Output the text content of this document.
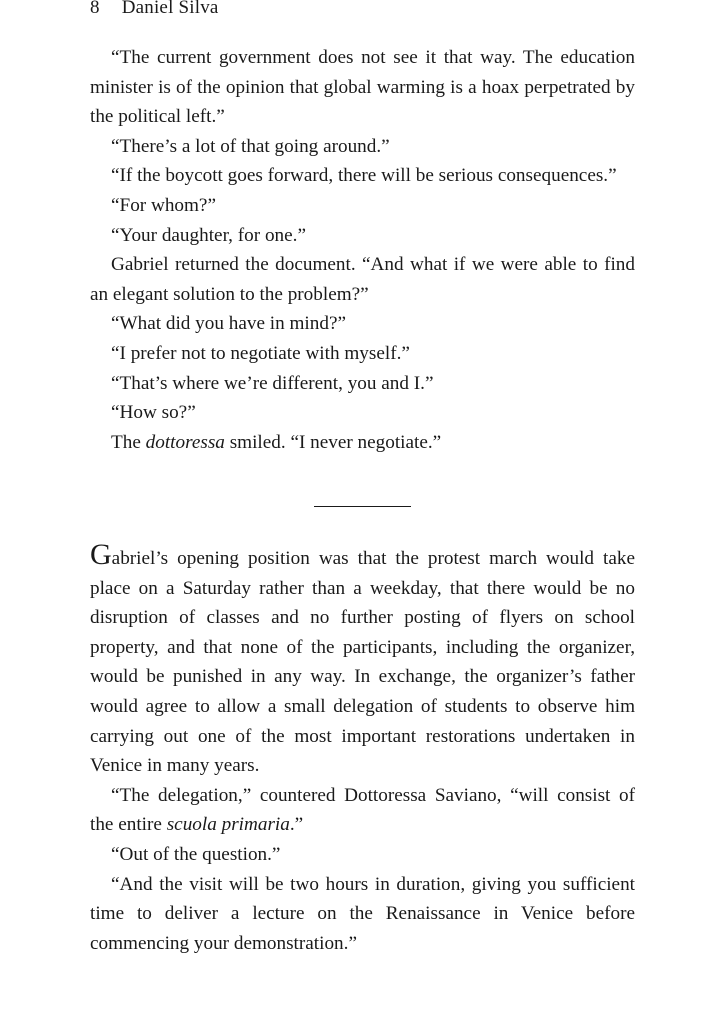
8 Daniel Silva

“The current government does not see it that way. The education minister is of the opinion that global warming is a hoax perpetrated by the political left.”

“There’s a lot of that going around.”

“If the boycott goes forward, there will be serious consequences.”

“For whom?”

“Your daughter, for one.”

Gabriel returned the document. “And what if we were able to find an elegant solution to the problem?”

“What did you have in mind?”

“I prefer not to negotiate with myself.”

“That’s where we’re different, you and I.”

“How so?”

The dottoressa smiled. “I never negotiate.”

Gabriel’s opening position was that the protest march would take place on a Saturday rather than a weekday, that there would be no disruption of classes and no further posting of flyers on school property, and that none of the participants, including the organizer, would be punished in any way. In exchange, the organizer’s father would agree to allow a small delegation of students to observe him carrying out one of the most important restorations undertaken in Venice in many years.

“The delegation,” countered Dottoressa Saviano, “will consist of the entire scuola primaria.”

“Out of the question.”

“And the visit will be two hours in duration, giving you sufficient time to deliver a lecture on the Renaissance in Venice before commencing your demonstration.”
